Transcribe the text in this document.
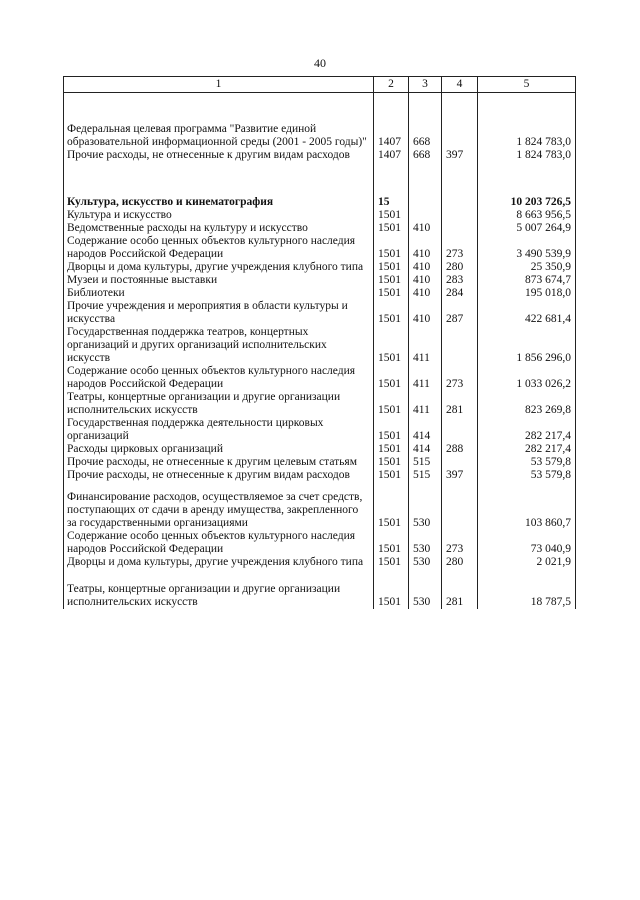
40
1	2	3	4	5

Федеральная целевая программа "Развитие единой образовательной информационной среды (2001 - 2005 годы)"	1407	668		1 824 783,0
Прочие расходы, не отнесенные к другим видам расходов	1407	668	397	1 824 783,0

Культура, искусство и кинематография	15			10 203 726,5
Культура и искусство	1501			8 663 956,5
Ведомственные расходы на культуру и искусство	1501	410		5 007 264,9
Содержание особо ценных объектов культурного наследия народов Российской Федерации	1501	410	273	3 490 539,9
Дворцы и дома культуры, другие учреждения клубного типа	1501	410	280	25 350,9
Музеи и постоянные выставки	1501	410	283	873 674,7
Библиотеки	1501	410	284	195 018,0
Прочие учреждения и мероприятия в области культуры и искусства	1501	410	287	422 681,4
Государственная поддержка театров, концертных организаций и других организаций исполнительских искусств	1501	411		1 856 296,0
Содержание особо ценных объектов культурного наследия народов Российской Федерации	1501	411	273	1 033 026,2
Театры, концертные организации и другие организации исполнительских искусств	1501	411	281	823 269,8
Государственная поддержка деятельности цирковых организаций	1501	414		282 217,4
Расходы цирковых организаций	1501	414	288	282 217,4
Прочие расходы, не отнесенные к другим целевым статьям	1501	515		53 579,8
Прочие расходы, не отнесенные к другим видам расходов	1501	515	397	53 579,8

Финансирование расходов, осуществляемое за счет средств, поступающих от сдачи в аренду имущества, закрепленного за государственными организациями	1501	530		103 860,7
Содержание особо ценных объектов культурного наследия народов Российской Федерации	1501	530	273	73 040,9
Дворцы и дома культуры, другие учреждения клубного типа	1501	530	280	2 021,9

Театры, концертные организации и другие организации исполнительских искусств	1501	530	281	18 787,5
